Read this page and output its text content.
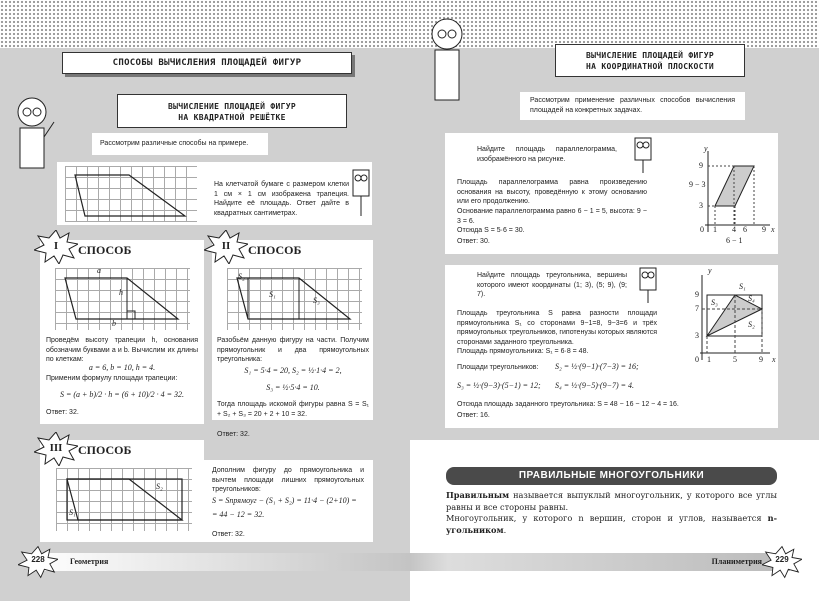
СПОСОБЫ ВЫЧИСЛЕНИЯ ПЛОЩАДЕЙ ФИГУР
ВЫЧИСЛЕНИЕ ПЛОЩАДЕЙ ФИГУР
НА КВАДРАТНОЙ РЕШЁТКЕ
Рассмотрим различные способы на примере.
На клетчатой бумаге с размером клетки 1 см × 1 см изображена трапеция. Найдите её площадь. Ответ дайте в квадратных сантиметрах.
СПОСОБ
a
h
b
Проведём высоту трапеции h, основания обозначим буквами a и b. Вычислим их длины по клеткам:
a = 6, b = 10, h = 4.
Применим формулу площади трапеции:
S = (a + b)/2 · h = (6 + 10)/2 · 4 = 32.
Ответ: 32.
I	СПОСОБ
S₂
S₁
S₃
Разобьём данную фигуру на части. Получим прямоугольник и два прямоугольных треугольника:
S₁ = 5·4 = 20, S₂ = ½·1·4 = 2,
S₃ = ½·5·4 = 10.
Тогда площадь искомой фигуры равна S = S₁ + S₂ + S₃ = 20 + 2 + 10 = 32.
Ответ: 32.
II
Дополним фигуру до прямоугольника и вычтем площади лишних прямоугольных треугольников:
S = Sпрямоуг − (S₁ + S₂) = 11·4 − (2+10) =
= 44 − 12 = 32.
Ответ: 32.
СПОСОБ
S₁
S₂
III
Геометрия
228
ВЫЧИСЛЕНИЕ ПЛОЩАДЕЙ ФИГУР
НА КООРДИНАТНОЙ ПЛОСКОСТИ
Рассмотрим применение различных способов вычисления площадей на конкретных задачах.
Найдите площадь параллелограмма, изображённого на рисунке.
Площадь параллелограмма равна произведению основания на высоту, проведённую к этому основанию или его продолжению.
Основание параллелограмма равно 6 − 1 = 5, высота: 9 − 3 = 6.
Отсюда S = 5·6 = 30.
Ответ: 30.
y
9
9 − 3
3
0 1 4 6 9 x
6 − 1
Найдите площадь треугольника, вершины которого имеют координаты (1; 3), (5; 9), (9; 7).
Площадь треугольника S равна разности площади прямоугольника S₁ со сторонами 9−1=8, 9−3=6 и трёх прямоугольных треугольников, гипотенузы которых являются сторонами заданного треугольника.
Площадь прямоугольника: S₁ = 6·8 = 48.
Площади треугольников: S₂ = ½·(9−1)·(7−3) = 16;
S₃ = ½·(9−3)·(5−1) = 12; S₄ = ½·(9−5)·(9−7) = 4.
Отсюда площадь заданного треугольника: S = 48 − 16 − 12 − 4 = 16.
Ответ: 16.
y
9
7
3
0 1	5	9 x
S₁
S₃	S₄
S₂
ПРАВИЛЬНЫЕ МНОГОУГОЛЬНИКИ
Правильным называется выпуклый многоугольник, у которого все углы равны и все стороны равны.
Многоугольник, у которого n вершин, сторон и углов, называется n-угольником.
Планиметрия	229
